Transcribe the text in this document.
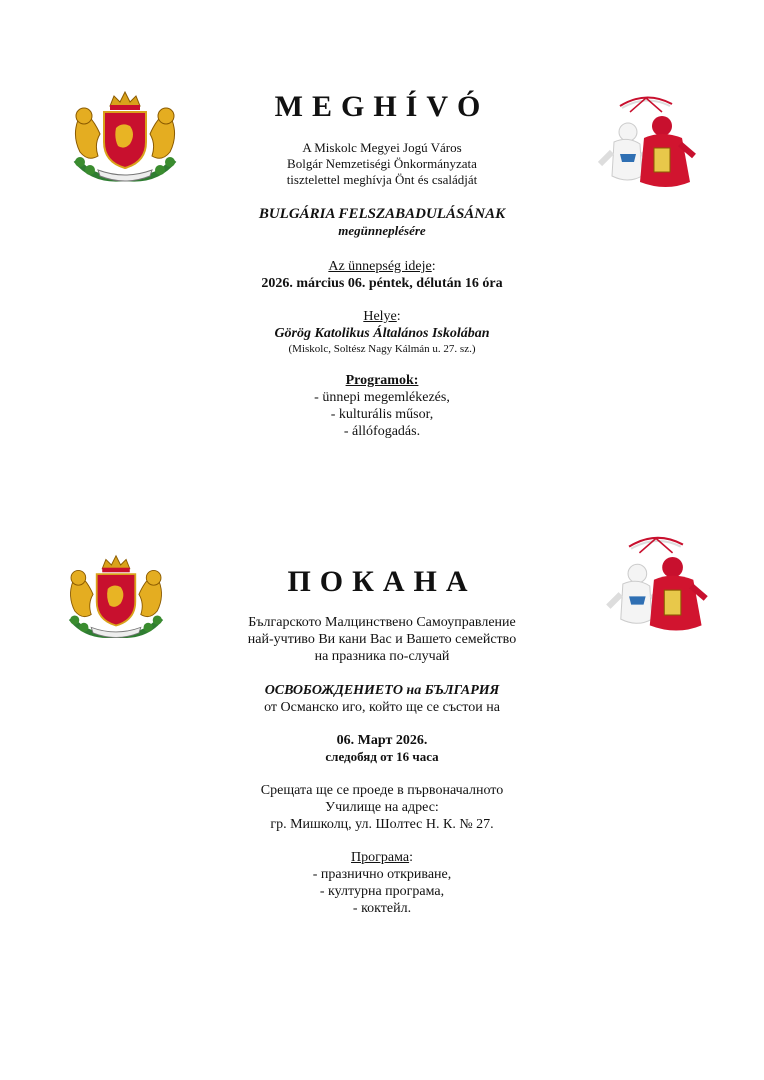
MEGHÍVÓ
A Miskolc Megyei Jogú Város
Bolgár Nemzetiségi Önkormányzata
tisztelettel meghívja Önt és családját
BULGÁRIA FELSZABADULÁSÁNAK
megünneplésére
Az ünnepség ideje:
2026. március 06. péntek, délután 16 óra
Helye:
Görög Katolikus Általános Iskolában
(Miskolc, Soltész Nagy Kálmán u. 27. sz.)
Programok:
- ünnepi megemlékezés,
- kulturális műsor,
- állófogadás.
ПОКАНА
Българското Малцинствено Самоуправление
най-учтиво Ви кани Вас и Вашето семейство
на празника по-случай
ОСВОБОЖДЕНИЕТО на БЪЛГАРИЯ
от Османско иго, който ще се състои на
06. Март 2026.
следобяд от 16 часа
Срещата ще се проеде в първоначалното
Училище на адрес:
гр. Мишколц, ул. Шолтес Н. К. № 27.
Програма:
- празнично откриване,
- културна програма,
- коктейл.
